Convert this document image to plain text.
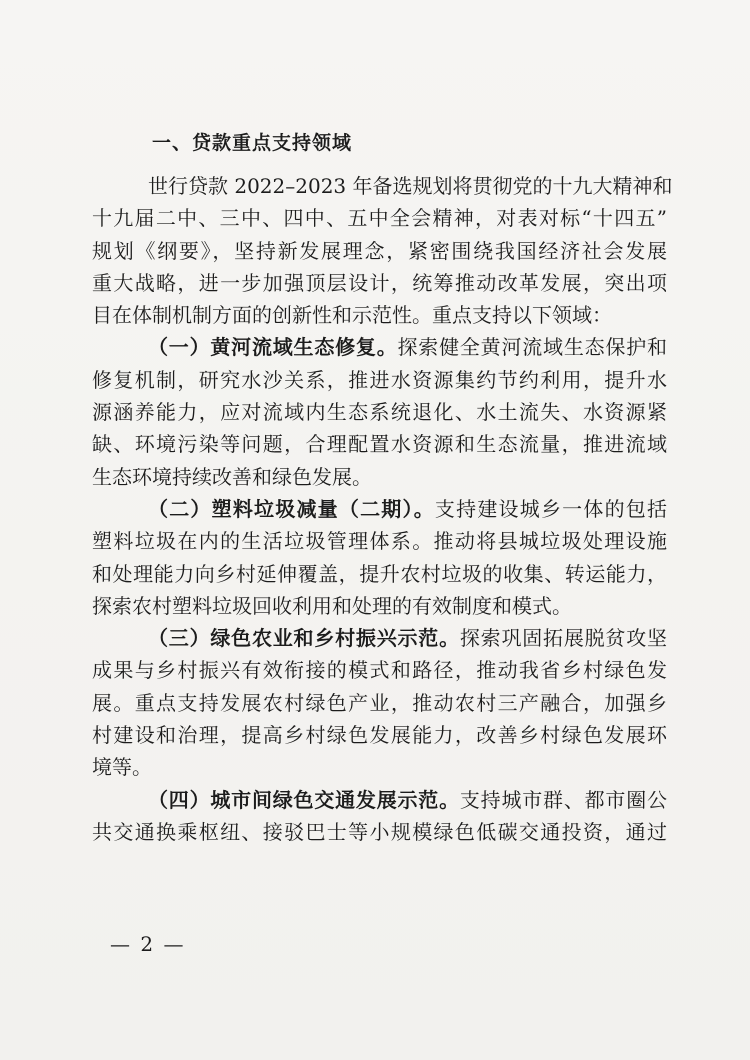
一、贷款重点支持领域
世行贷款 2022–2023 年备选规划将贯彻党的十九大精神和
十九届二中、三中、四中、五中全会精神，对表对标“十四五”
规划《纲要》，坚持新发展理念，紧密围绕我国经济社会发展
重大战略，进一步加强顶层设计，统筹推动改革发展，突出项
目在体制机制方面的创新性和示范性。重点支持以下领域：
（一）黄河流域生态修复。探索健全黄河流域生态保护和
修复机制，研究水沙关系，推进水资源集约节约利用，提升水
源涵养能力，应对流域内生态系统退化、水土流失、水资源紧
缺、环境污染等问题，合理配置水资源和生态流量，推进流域
生态环境持续改善和绿色发展。
（二）塑料垃圾减量（二期）。支持建设城乡一体的包括
塑料垃圾在内的生活垃圾管理体系。推动将县城垃圾处理设施
和处理能力向乡村延伸覆盖，提升农村垃圾的收集、转运能力，
探索农村塑料垃圾回收利用和处理的有效制度和模式。
（三）绿色农业和乡村振兴示范。探索巩固拓展脱贫攻坚
成果与乡村振兴有效衔接的模式和路径，推动我省乡村绿色发
展。重点支持发展农村绿色产业，推动农村三产融合，加强乡
村建设和治理，提高乡村绿色发展能力，改善乡村绿色发展环
境等。
（四）城市间绿色交通发展示范。支持城市群、都市圈公
共交通换乘枢纽、接驳巴士等小规模绿色低碳交通投资，通过
— 2 —
